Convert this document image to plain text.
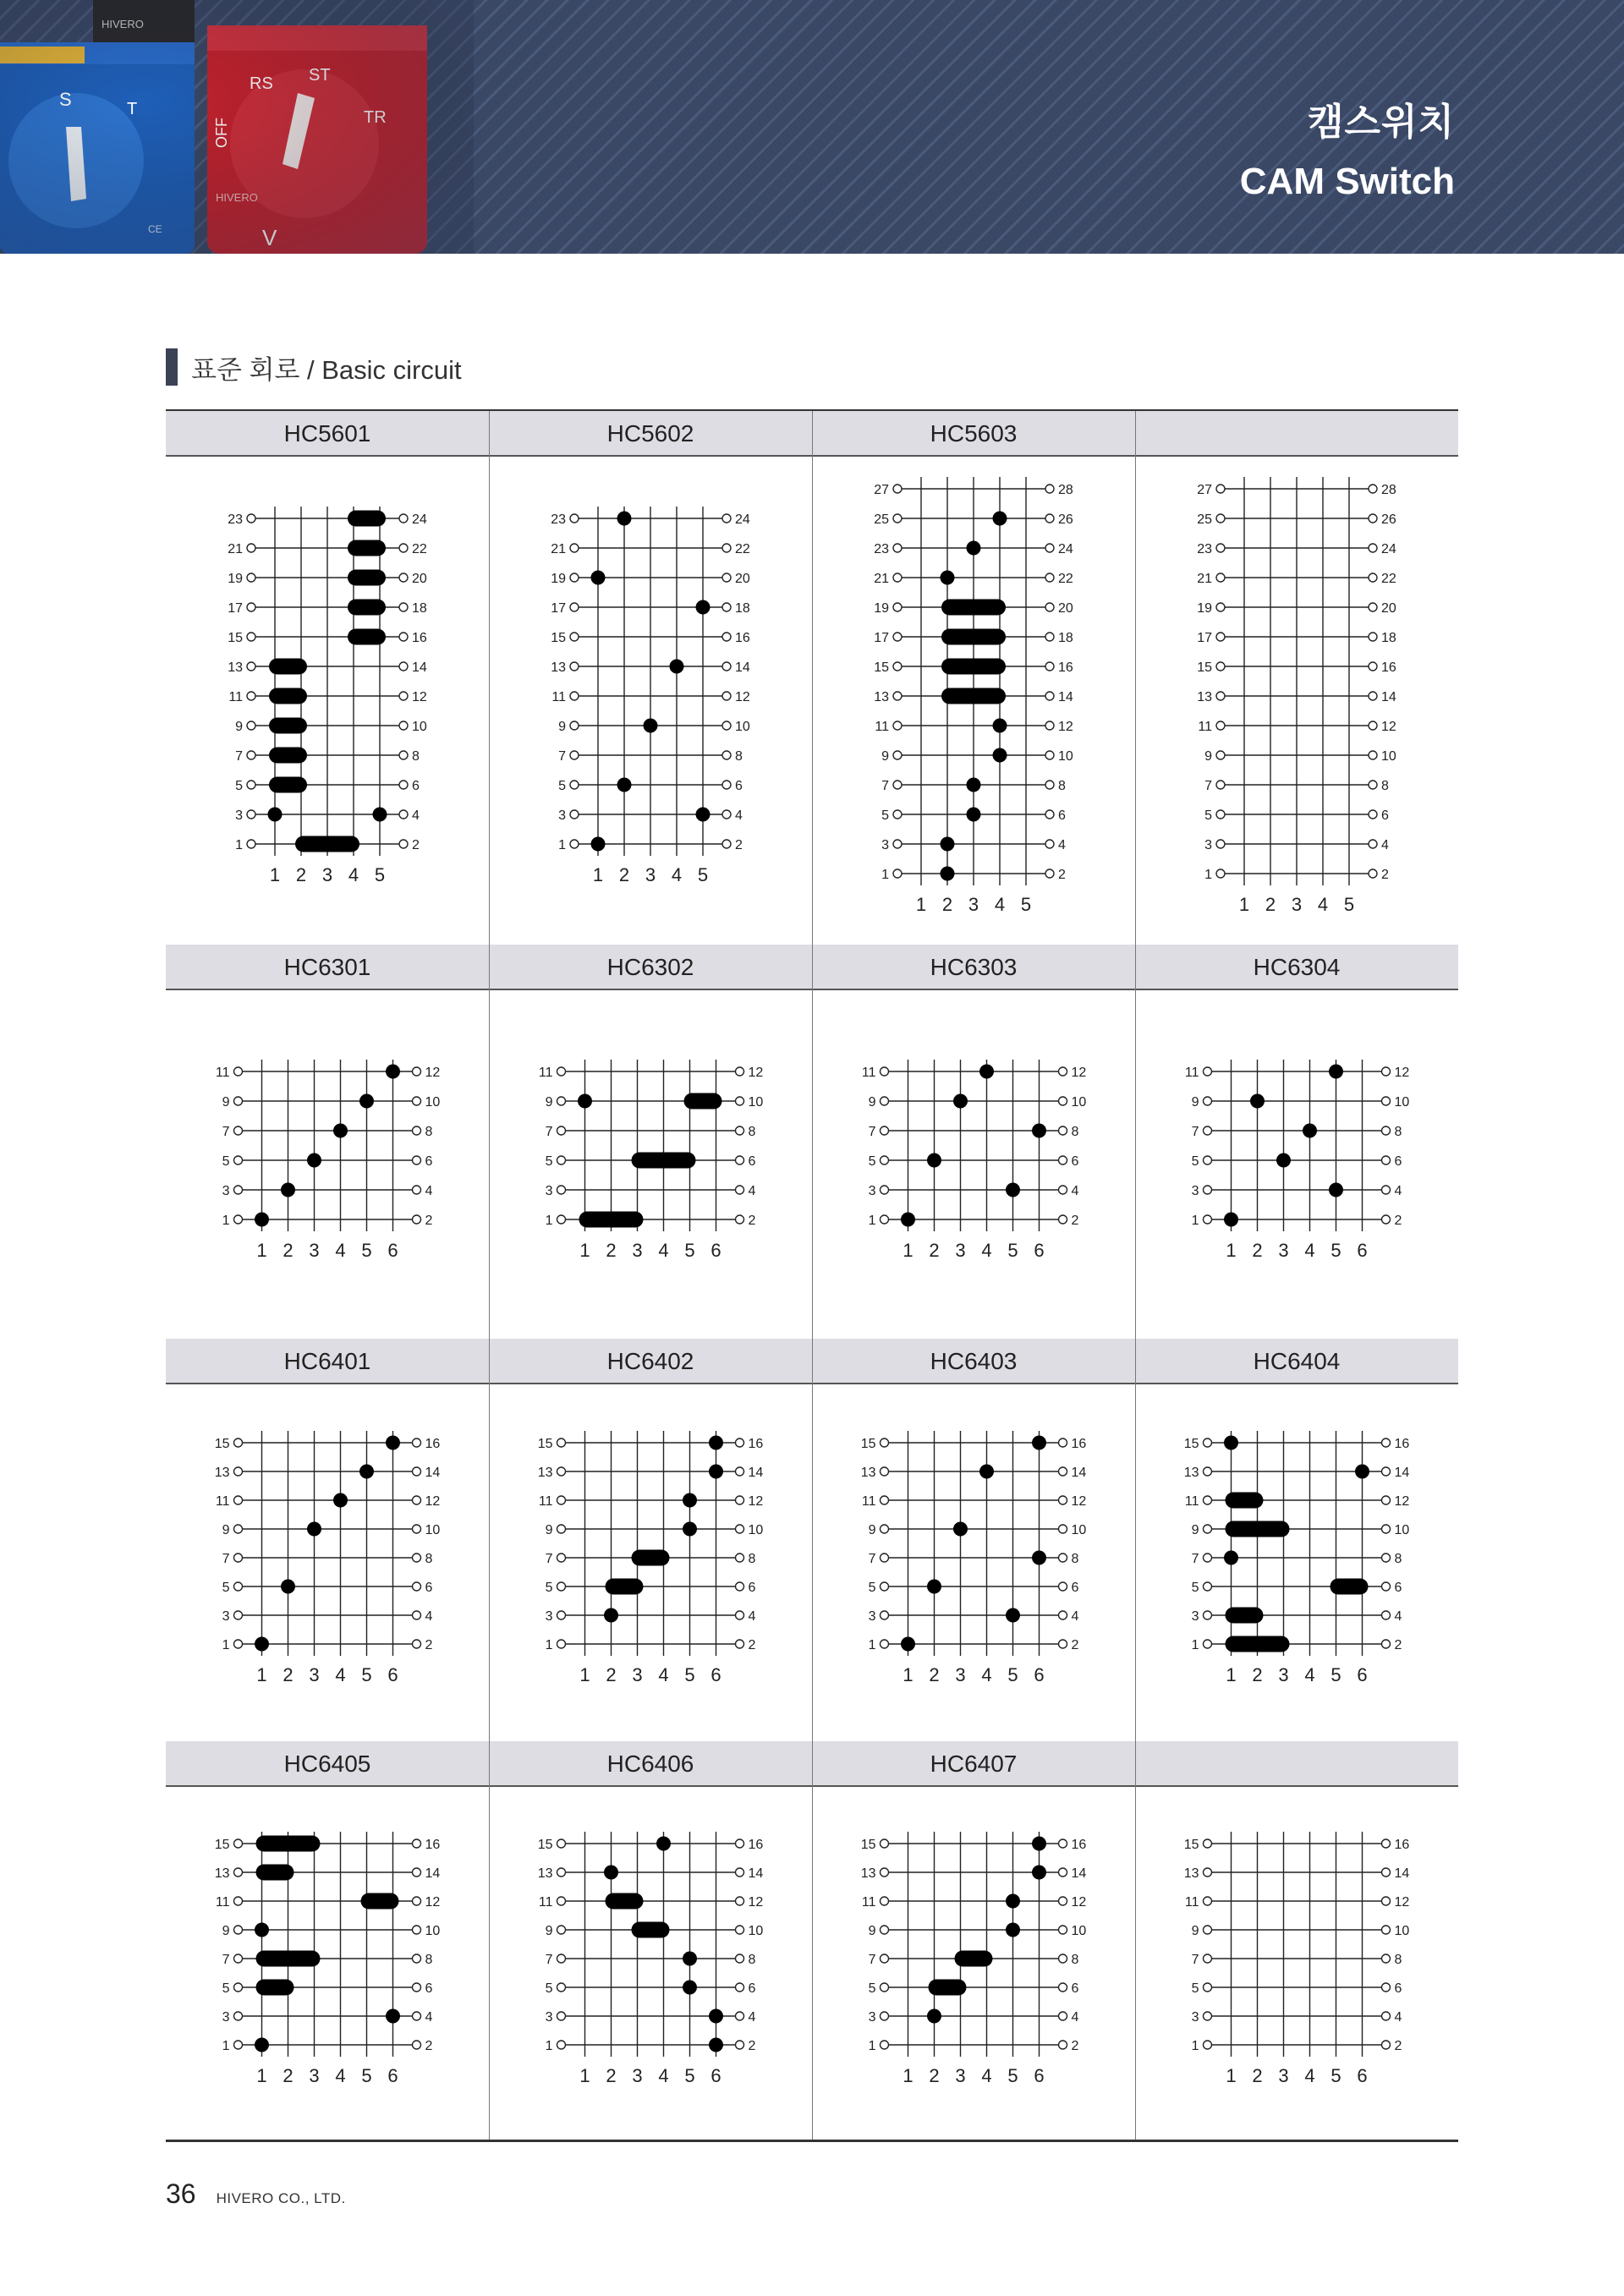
캠스위치
CAM Switch
표준 회로 / Basic circuit
HC5601
1	2
3	4
5	6
7	8
9	10
11	12
13	14
15	16
17	18
19	20
21	22
23	24
1 2 3 4 5
HC5602
1	2
3	4
5	6
7	8
9	10
11	12
13	14
15	16
17	18
19	20
21	22
23	24
1 2 3 4 5
HC5603
1	2
3	4
5	6
7	8
9	10
11	12
13	14
15	16
17	18
19	20
21	22
23	24
25	26
27	28
1 2 3 4 5
1	2
3	4
5	6
7	8
9	10
11	12
13	14
15	16
17	18
19	20
21	22
23	24
25	26
27	28
1 2 3 4 5
HC6301
1	2
3	4
5	6
7	8
9	10
11	12
1 2 3 4 5 6
HC6302
1	2
3	4
5	6
7	8
9	10
11	12
1 2 3 4 5 6
HC6303
1	2
3	4
5	6
7	8
9	10
11	12
1 2 3 4 5 6
HC6304
1	2
3	4
5	6
7	8
9	10
11	12
1 2 3 4 5 6
HC6401
1	2
3	4
5	6
7	8
9	10
11	12
13	14
15	16
1 2 3 4 5 6
HC6402
1	2
3	4
5	6
7	8
9	10
11	12
13	14
15	16
1 2 3 4 5 6
HC6403
1	2
3	4
5	6
7	8
9	10
11	12
13	14
15	16
1 2 3 4 5 6
HC6404
1	2
3	4
5	6
7	8
9	10
11	12
13	14
15	16
1 2 3 4 5 6
HC6405
1	2
3	4
5	6
7	8
9	10
11	12
13	14
15	16
1 2 3 4 5 6
HC6406
1	2
3	4
5	6
7	8
9	10
11	12
13	14
15	16
1 2 3 4 5 6
HC6407
1	2
3	4
5	6
7	8
9	10
11	12
13	14
15	16
1 2 3 4 5 6
1	2
3	4
5	6
7	8
9	10
11	12
13	14
15	16
1 2 3 4 5 6
36 HIVERO CO., LTD.
